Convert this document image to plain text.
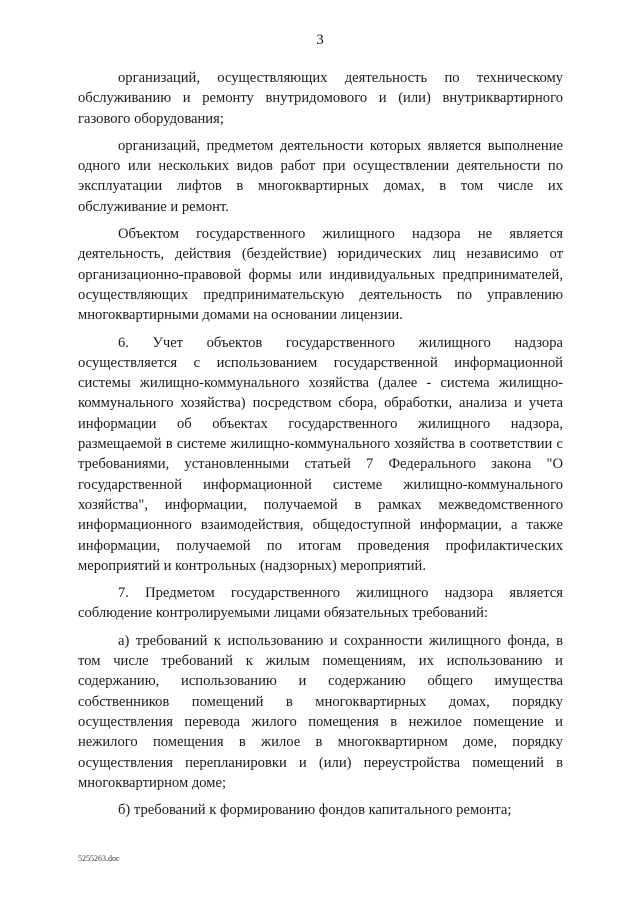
3

организаций, осуществляющих деятельность по техническому обслуживанию и ремонту внутридомового и (или) внутриквартирного газового оборудования;

организаций, предметом деятельности которых является выполнение одного или нескольких видов работ при осуществлении деятельности по эксплуатации лифтов в многоквартирных домах, в том числе их обслуживание и ремонт.

Объектом государственного жилищного надзора не является деятельность, действия (бездействие) юридических лиц независимо от организационно-правовой формы или индивидуальных предпринимателей, осуществляющих предпринимательскую деятельность по управлению многоквартирными домами на основании лицензии.

6. Учет объектов государственного жилищного надзора осуществляется с использованием государственной информационной системы жилищно-коммунального хозяйства (далее - система жилищно-коммунального хозяйства) посредством сбора, обработки, анализа и учета информации об объектах государственного жилищного надзора, размещаемой в системе жилищно-коммунального хозяйства в соответствии с требованиями, установленными статьей 7 Федерального закона "О государственной информационной системе жилищно-коммунального хозяйства", информации, получаемой в рамках межведомственного информационного взаимодействия, общедоступной информации, а также информации, получаемой по итогам проведения профилактических мероприятий и контрольных (надзорных) мероприятий.

7. Предметом государственного жилищного надзора является соблюдение контролируемыми лицами обязательных требований:

а) требований к использованию и сохранности жилищного фонда, в том числе требований к жилым помещениям, их использованию и содержанию, использованию и содержанию общего имущества собственников помещений в многоквартирных домах, порядку осуществления перевода жилого помещения в нежилое помещение и нежилого помещения в жилое в многоквартирном доме, порядку осуществления перепланировки и (или) переустройства помещений в многоквартирном доме;

б) требований к формированию фондов капитального ремонта;

5255263.doc
